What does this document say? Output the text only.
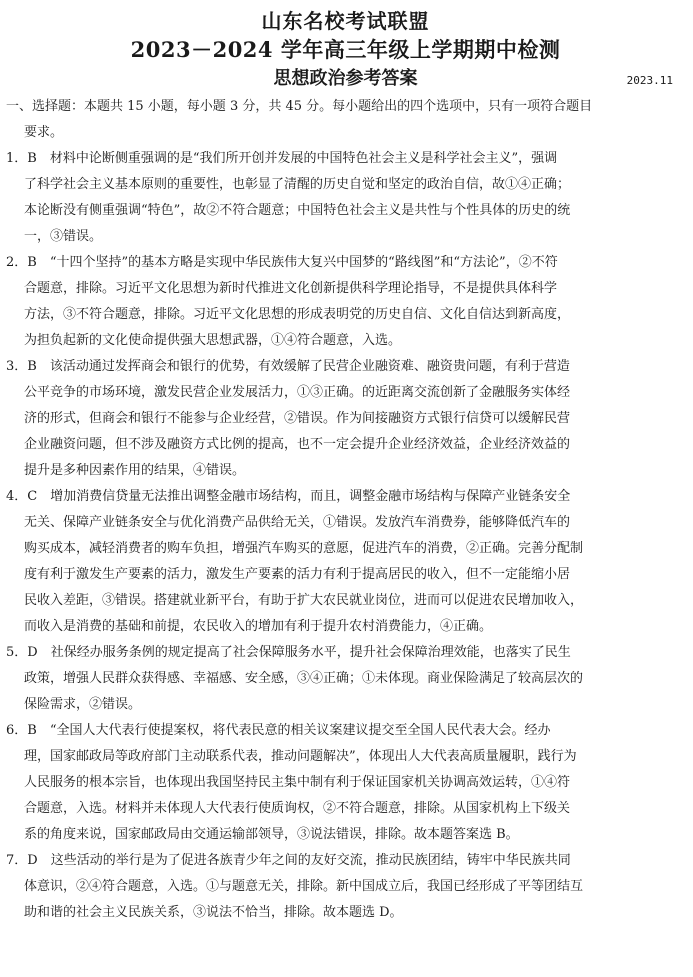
山东名校考试联盟
2023－2024 学年高三年级上学期期中检测
思想政治参考答案	2023.11
一、选择题：本题共 15 小题，每小题 3 分，共 45 分。每小题给出的四个选项中，只有一项符合题目
要求。
1．B　材料中论断侧重强调的是“我们所开创并发展的中国特色社会主义是科学社会主义”，强调
了科学社会主义基本原则的重要性，也彰显了清醒的历史自觉和坚定的政治自信，故①④正确；
本论断没有侧重强调“特色”，故②不符合题意；中国特色社会主义是共性与个性具体的历史的统
一，③错误。
2．B　“十四个坚持”的基本方略是实现中华民族伟大复兴中国梦的“路线图”和“方法论”，②不符
合题意，排除。习近平文化思想为新时代推进文化创新提供科学理论指导，不是提供具体科学
方法，③不符合题意，排除。习近平文化思想的形成表明党的历史自信、文化自信达到新高度，
为担负起新的文化使命提供强大思想武器，①④符合题意，入选。
3．B　该活动通过发挥商会和银行的优势，有效缓解了民营企业融资难、融资贵问题，有利于营造
公平竞争的市场环境，激发民营企业发展活力，①③正确。的近距离交流创新了金融服务实体经
济的形式，但商会和银行不能参与企业经营，②错误。作为间接融资方式银行信贷可以缓解民营
企业融资问题，但不涉及融资方式比例的提高，也不一定会提升企业经济效益，企业经济效益的
提升是多种因素作用的结果，④错误。
4．C　增加消费信贷量无法推出调整金融市场结构，而且，调整金融市场结构与保障产业链条安全
无关、保障产业链条安全与优化消费产品供给无关，①错误。发放汽车消费券，能够降低汽车的
购买成本，减轻消费者的购车负担，增强汽车购买的意愿，促进汽车的消费，②正确。完善分配制
度有利于激发生产要素的活力，激发生产要素的活力有利于提高居民的收入，但不一定能缩小居
民收入差距，③错误。搭建就业新平台，有助于扩大农民就业岗位，进而可以促进农民增加收入，
而收入是消费的基础和前提，农民收入的增加有利于提升农村消费能力，④正确。
5．D　社保经办服务条例的规定提高了社会保障服务水平，提升社会保障治理效能，也落实了民生
政策，增强人民群众获得感、幸福感、安全感，③④正确；①未体现。商业保险满足了较高层次的
保险需求，②错误。
6．B　“全国人大代表行使提案权，将代表民意的相关议案建议提交至全国人民代表大会。经办
理，国家邮政局等政府部门主动联系代表，推动问题解决”，体现出人大代表高质量履职，践行为
人民服务的根本宗旨，也体现出我国坚持民主集中制有利于保证国家机关协调高效运转，①④符
合题意，入选。材料并未体现人大代表行使质询权，②不符合题意，排除。从国家机构上下级关
系的角度来说，国家邮政局由交通运输部领导，③说法错误，排除。故本题答案选 B。
7．D　这些活动的举行是为了促进各族青少年之间的友好交流，推动民族团结，铸牢中华民族共同
体意识，②④符合题意，入选。①与题意无关，排除。新中国成立后，我国已经形成了平等团结互
助和谐的社会主义民族关系，③说法不恰当，排除。故本题选 D。
